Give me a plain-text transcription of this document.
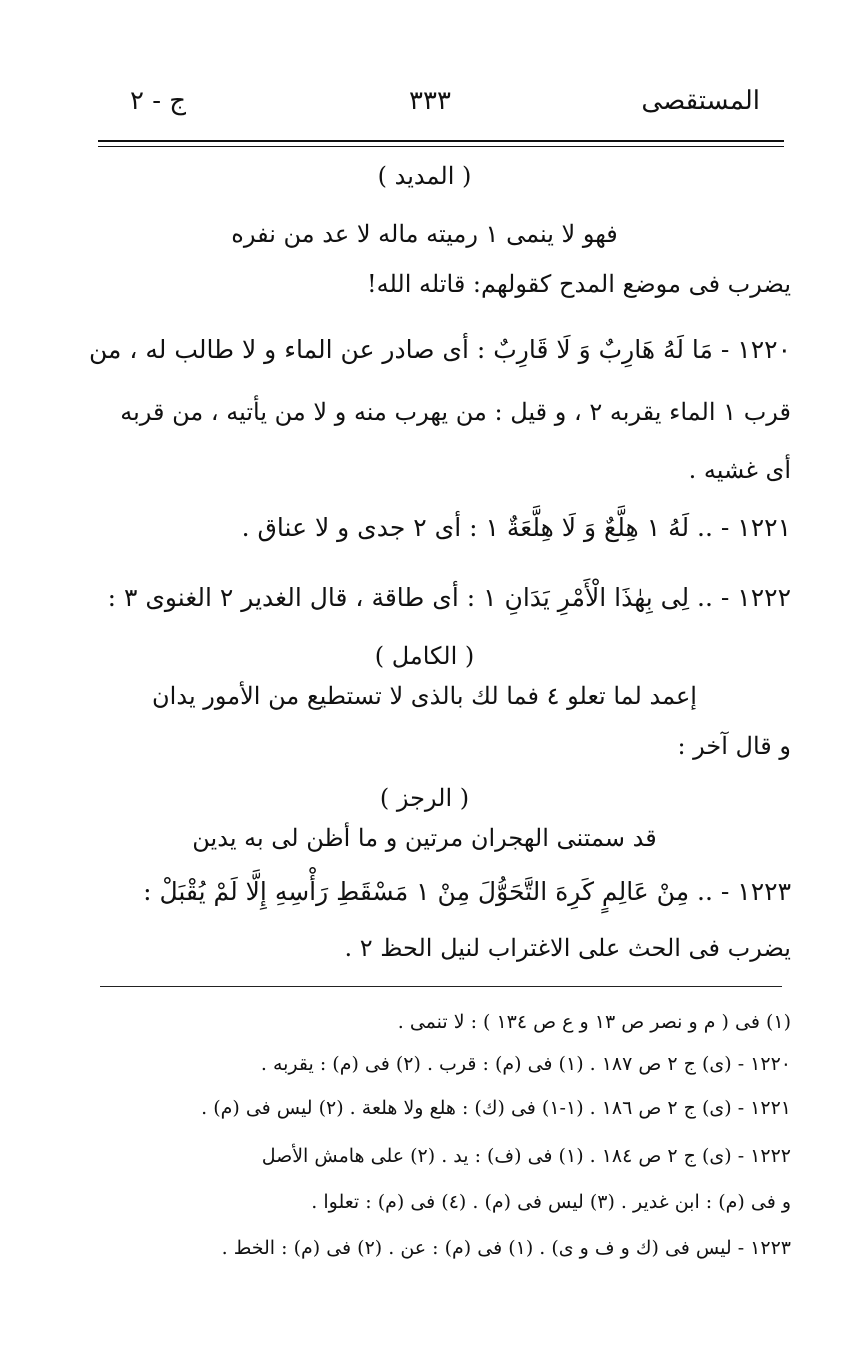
المستقصى
٣٣٣
ج - ٢
( المديد )
فهو لا ينمى ١ رميته ماله لا عد من نفره
يضرب فى موضع المدح كقولهم: قاتله الله!
١٢٢٠ - مَا لَهُ هَارِبٌ وَ لَا قَارِبٌ : أى صادر عن الماء و لا طالب له ، من
قرب ١ الماء يقربه ٢ ، و قيل : من يهرب منه و لا من يأتيه ، من قربه
أى غشيه .
١٢٢١ - .. لَهُ ١ هِلَّعٌ وَ لَا هِلَّعَةٌ ١ : أى ٢ جدى و لا عناق .
١٢٢٢ - .. لِى بِهٰذَا الْأَمْرِ يَدَانِ ١ : أى طاقة ، قال الغدير ٢ الغنوى ٣ :
( الكامل )
إعمد لما تعلو ٤ فما لك بالذى لا تستطيع من الأمور يدان
و قال آخر :
( الرجز )
قد سمتنى الهجران مرتين و ما أظن لى به يدين
١٢٢٣ - .. مِنْ عَالِمٍ كَرِهَ التَّحَوُّلَ مِنْ ١ مَسْقَطِ رَأْسِهِ إِلَّا لَمْ يُقْبَلْ :
يضرب فى الحث على الاغتراب لنيل الحظ ٢ .
(١) فى ( م و نصر ص ١٣ و ع ص ١٣٤ ) : لا تنمى .
١٢٢٠ - (ى) ج ٢ ص ١٨٧ . (١) فى (م) : قرب . (٢) فى (م) : يقربه .
١٢٢١ - (ى) ج ٢ ص ١٨٦ . (١-١) فى (ك) : هلع ولا هلعة . (٢) ليس فى (م) .
١٢٢٢ - (ى) ج ٢ ص ١٨٤ . (١) فى (ف) : يد . (٢) على هامش الأصل
و فى (م) : ابن غدير . (٣) ليس فى (م) . (٤) فى (م) : تعلوا .
١٢٢٣ - ليس فى (ك و ف و ى) . (١) فى (م) : عن . (٢) فى (م) : الخط .
